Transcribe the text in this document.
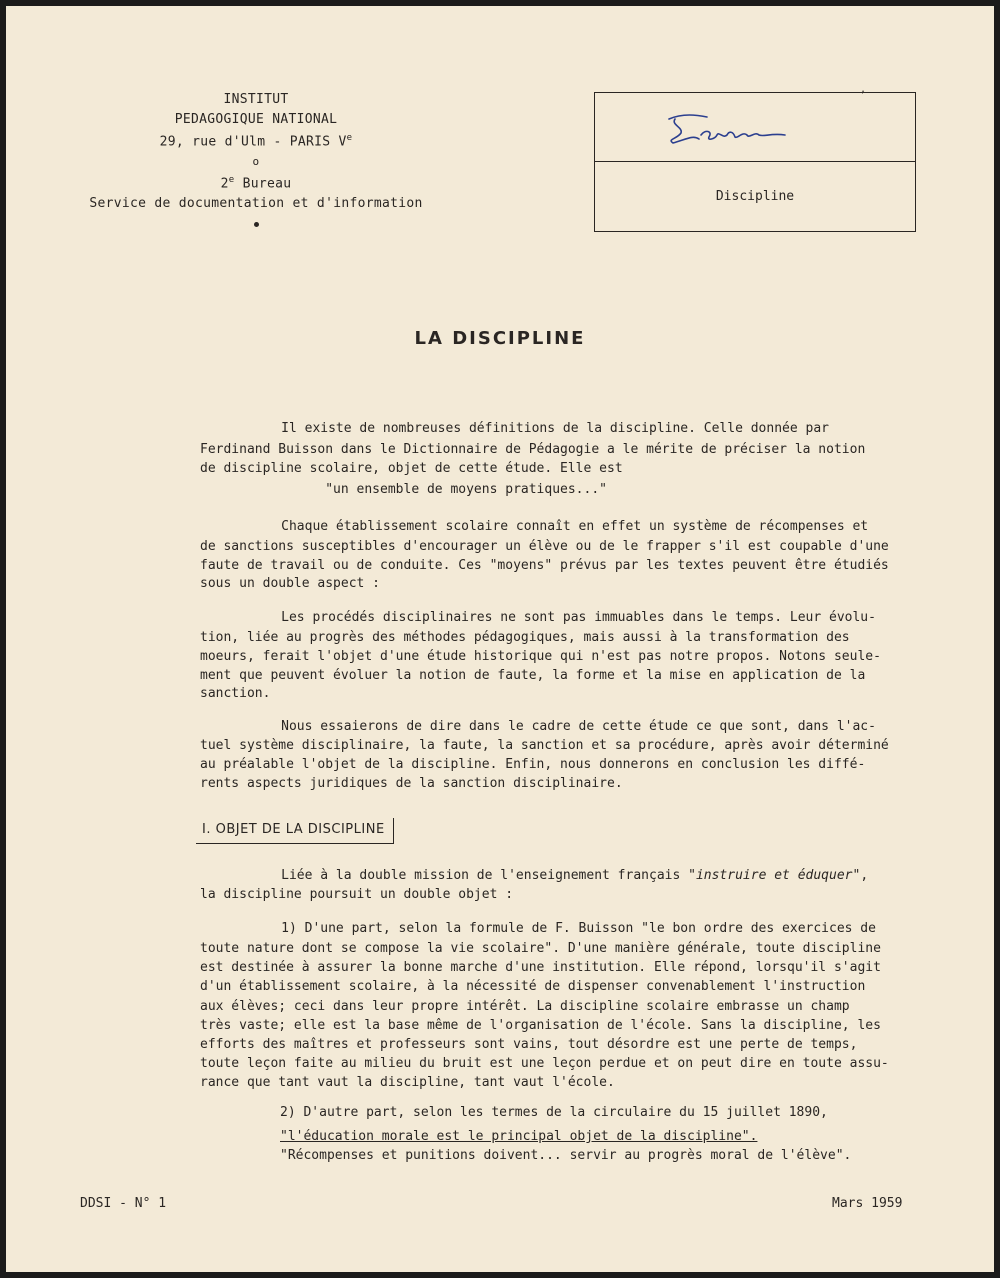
INSTITUT
PEDAGOGIQUE NATIONAL
29, rue d'Ulm - PARIS Ve
o
2e Bureau
Service de documentation et d'information
,
Discipline
LA DISCIPLINE
Il existe de nombreuses définitions de la discipline. Celle donnée par
Ferdinand Buisson dans le Dictionnaire de Pédagogie a le mérite de préciser la notion
de discipline scolaire, objet de cette étude. Elle est
"un ensemble de moyens pratiques..."
Chaque établissement scolaire connaît en effet un système de récompenses et
de sanctions susceptibles d'encourager un élève ou de le frapper s'il est coupable d'une
faute de travail ou de conduite. Ces "moyens" prévus par les textes peuvent être étudiés
sous un double aspect :
Les procédés disciplinaires ne sont pas immuables dans le temps. Leur évolu-
tion, liée au progrès des méthodes pédagogiques, mais aussi à la transformation des
moeurs, ferait l'objet d'une étude historique qui n'est pas notre propos. Notons seule-
ment que peuvent évoluer la notion de faute, la forme et la mise en application de la
sanction.
Nous essaierons de dire dans le cadre de cette étude ce que sont, dans l'ac-
tuel système disciplinaire, la faute, la sanction et sa procédure, après avoir déterminé
au préalable l'objet de la discipline. Enfin, nous donnerons en conclusion les diffé-
rents aspects juridiques de la sanction disciplinaire.
I. OBJET DE LA DISCIPLINE
Liée à la double mission de l'enseignement français "instruire et éduquer",
la discipline poursuit un double objet :
1) D'une part, selon la formule de F. Buisson "le bon ordre des exercices de
toute nature dont se compose la vie scolaire". D'une manière générale, toute discipline
est destinée à assurer la bonne marche d'une institution. Elle répond, lorsqu'il s'agit
d'un établissement scolaire, à la nécessité de dispenser convenablement l'instruction
aux élèves; ceci dans leur propre intérêt. La discipline scolaire embrasse un champ
très vaste; elle est la base même de l'organisation de l'école. Sans la discipline, les
efforts des maîtres et professeurs sont vains, tout désordre est une perte de temps,
toute leçon faite au milieu du bruit est une leçon perdue et on peut dire en toute assu-
rance que tant vaut la discipline, tant vaut l'école.
2) D'autre part, selon les termes de la circulaire du 15 juillet 1890,
"l'éducation morale est le principal objet de la discipline".
"Récompenses et punitions doivent... servir au progrès moral de l'élève".
DDSI - N° 1	Mars 1959
